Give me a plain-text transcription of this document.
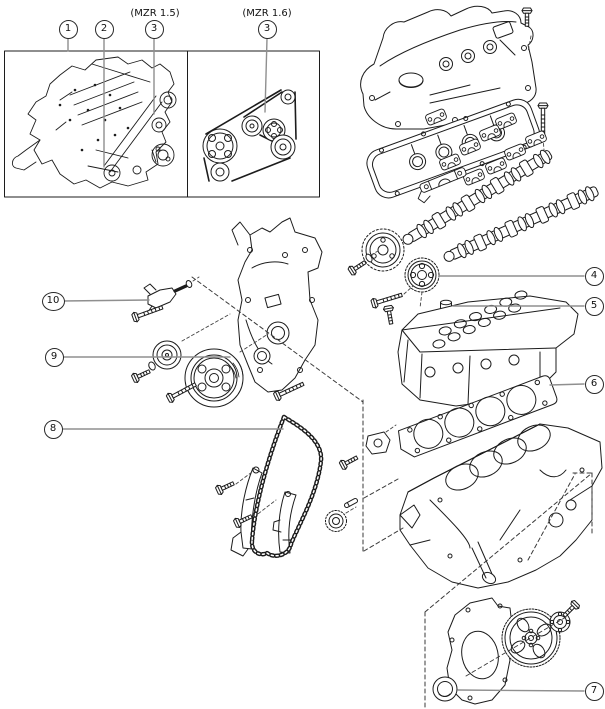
(MZR 1.5)	(MZR 1.6)
1	2	3	3
4
5
6
7
8
9
10
